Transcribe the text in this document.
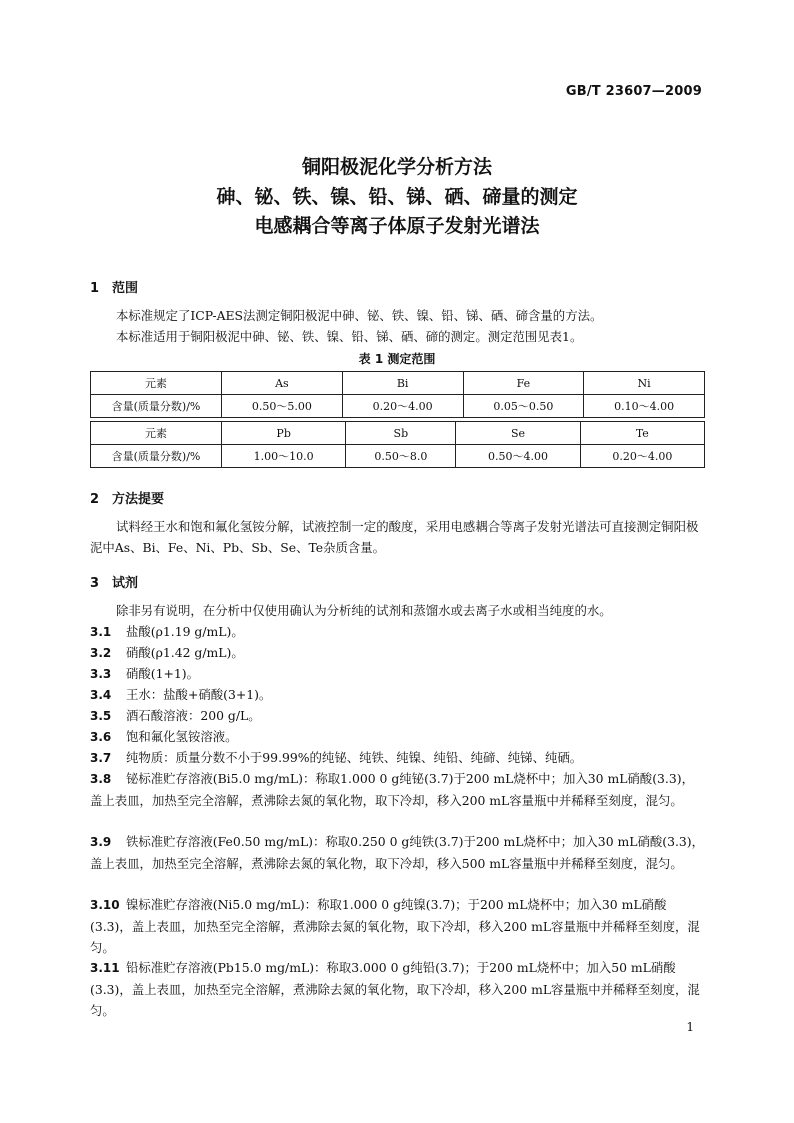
GB/T 23607—2009
铜阳极泥化学分析方法
砷、铋、铁、镍、铅、锑、硒、碲量的测定
电感耦合等离子体原子发射光谱法
1 范围
本标准规定了ICP-AES法测定铜阳极泥中砷、铋、铁、镍、铅、锑、硒、碲含量的方法。
本标准适用于铜阳极泥中砷、铋、铁、镍、铅、锑、硒、碲的测定。测定范围见表1。
表 1 测定范围
元素	As	Bi	Fe	Ni
含量(质量分数)/%	0.50～5.00	0.20～4.00	0.05～0.50	0.10～4.00
元素	Pb	Sb	Se	Te
含量(质量分数)/%	1.00～10.0	0.50～8.0	0.50～4.00	0.20～4.00
2 方法提要
试料经王水和饱和氟化氢铵分解，试液控制一定的酸度，采用电感耦合等离子发射光谱法可直接测定铜阳极泥中As、Bi、Fe、Ni、Pb、Sb、Se、Te杂质含量。
3 试剂
除非另有说明，在分析中仅使用确认为分析纯的试剂和蒸馏水或去离子水或相当纯度的水。
3.1 盐酸(ρ1.19 g/mL)。
3.2 硝酸(ρ1.42 g/mL)。
3.3 硝酸(1+1)。
3.4 王水：盐酸+硝酸(3+1)。
3.5 酒石酸溶液：200 g/L。
3.6 饱和氟化氢铵溶液。
3.7 纯物质：质量分数不小于99.99%的纯铋、纯铁、纯镍、纯铅、纯碲、纯锑、纯硒。
3.8 铋标准贮存溶液(Bi5.0 mg/mL)：称取1.000 0 g纯铋(3.7)于200 mL烧杯中；加入30 mL硝酸(3.3)，盖上表皿，加热至完全溶解，煮沸除去氮的氧化物，取下冷却，移入200 mL容量瓶中并稀释至刻度，混匀。
3.9 铁标准贮存溶液(Fe0.50 mg/mL)：称取0.250 0 g纯铁(3.7)于200 mL烧杯中；加入30 mL硝酸(3.3)，盖上表皿，加热至完全溶解，煮沸除去氮的氧化物，取下冷却，移入500 mL容量瓶中并稀释至刻度，混匀。
3.10 镍标准贮存溶液(Ni5.0 mg/mL)：称取1.000 0 g纯镍(3.7)；于200 mL烧杯中；加入30 mL硝酸(3.3)，盖上表皿，加热至完全溶解，煮沸除去氮的氧化物，取下冷却，移入200 mL容量瓶中并稀释至刻度，混匀。
3.11 铅标准贮存溶液(Pb15.0 mg/mL)：称取3.000 0 g纯铅(3.7)；于200 mL烧杯中；加入50 mL硝酸(3.3)，盖上表皿，加热至完全溶解，煮沸除去氮的氧化物，取下冷却，移入200 mL容量瓶中并稀释至刻度，混匀。
1
